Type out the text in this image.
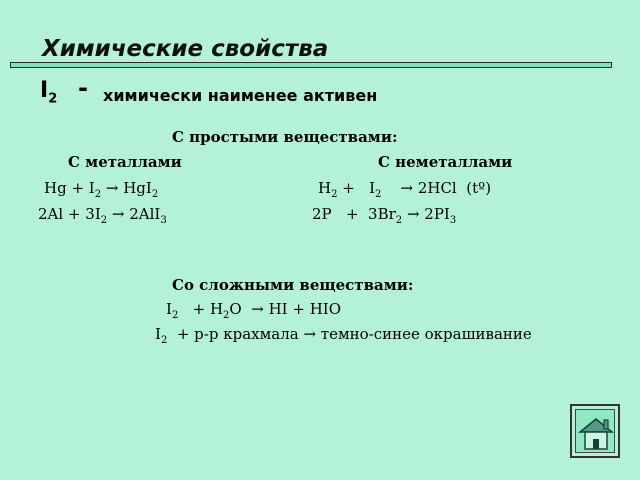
Химические свойства
$I_2$ - химически наименее активен
С простыми веществами:
С металлами	С неметаллами
$Hg + I_2 \to HgI_2$
$2Al + 3I_2 \to 2AlI_3$
$H_2 + I_2$    → 2HCl  (tº)
$2P + 3Br_2 \to 2PI_3$
Со сложными веществами:
$I_2 + H_2O$  → HI + HIO
$I_2 + р-р$ крахмала → темно-синее окрашивание
